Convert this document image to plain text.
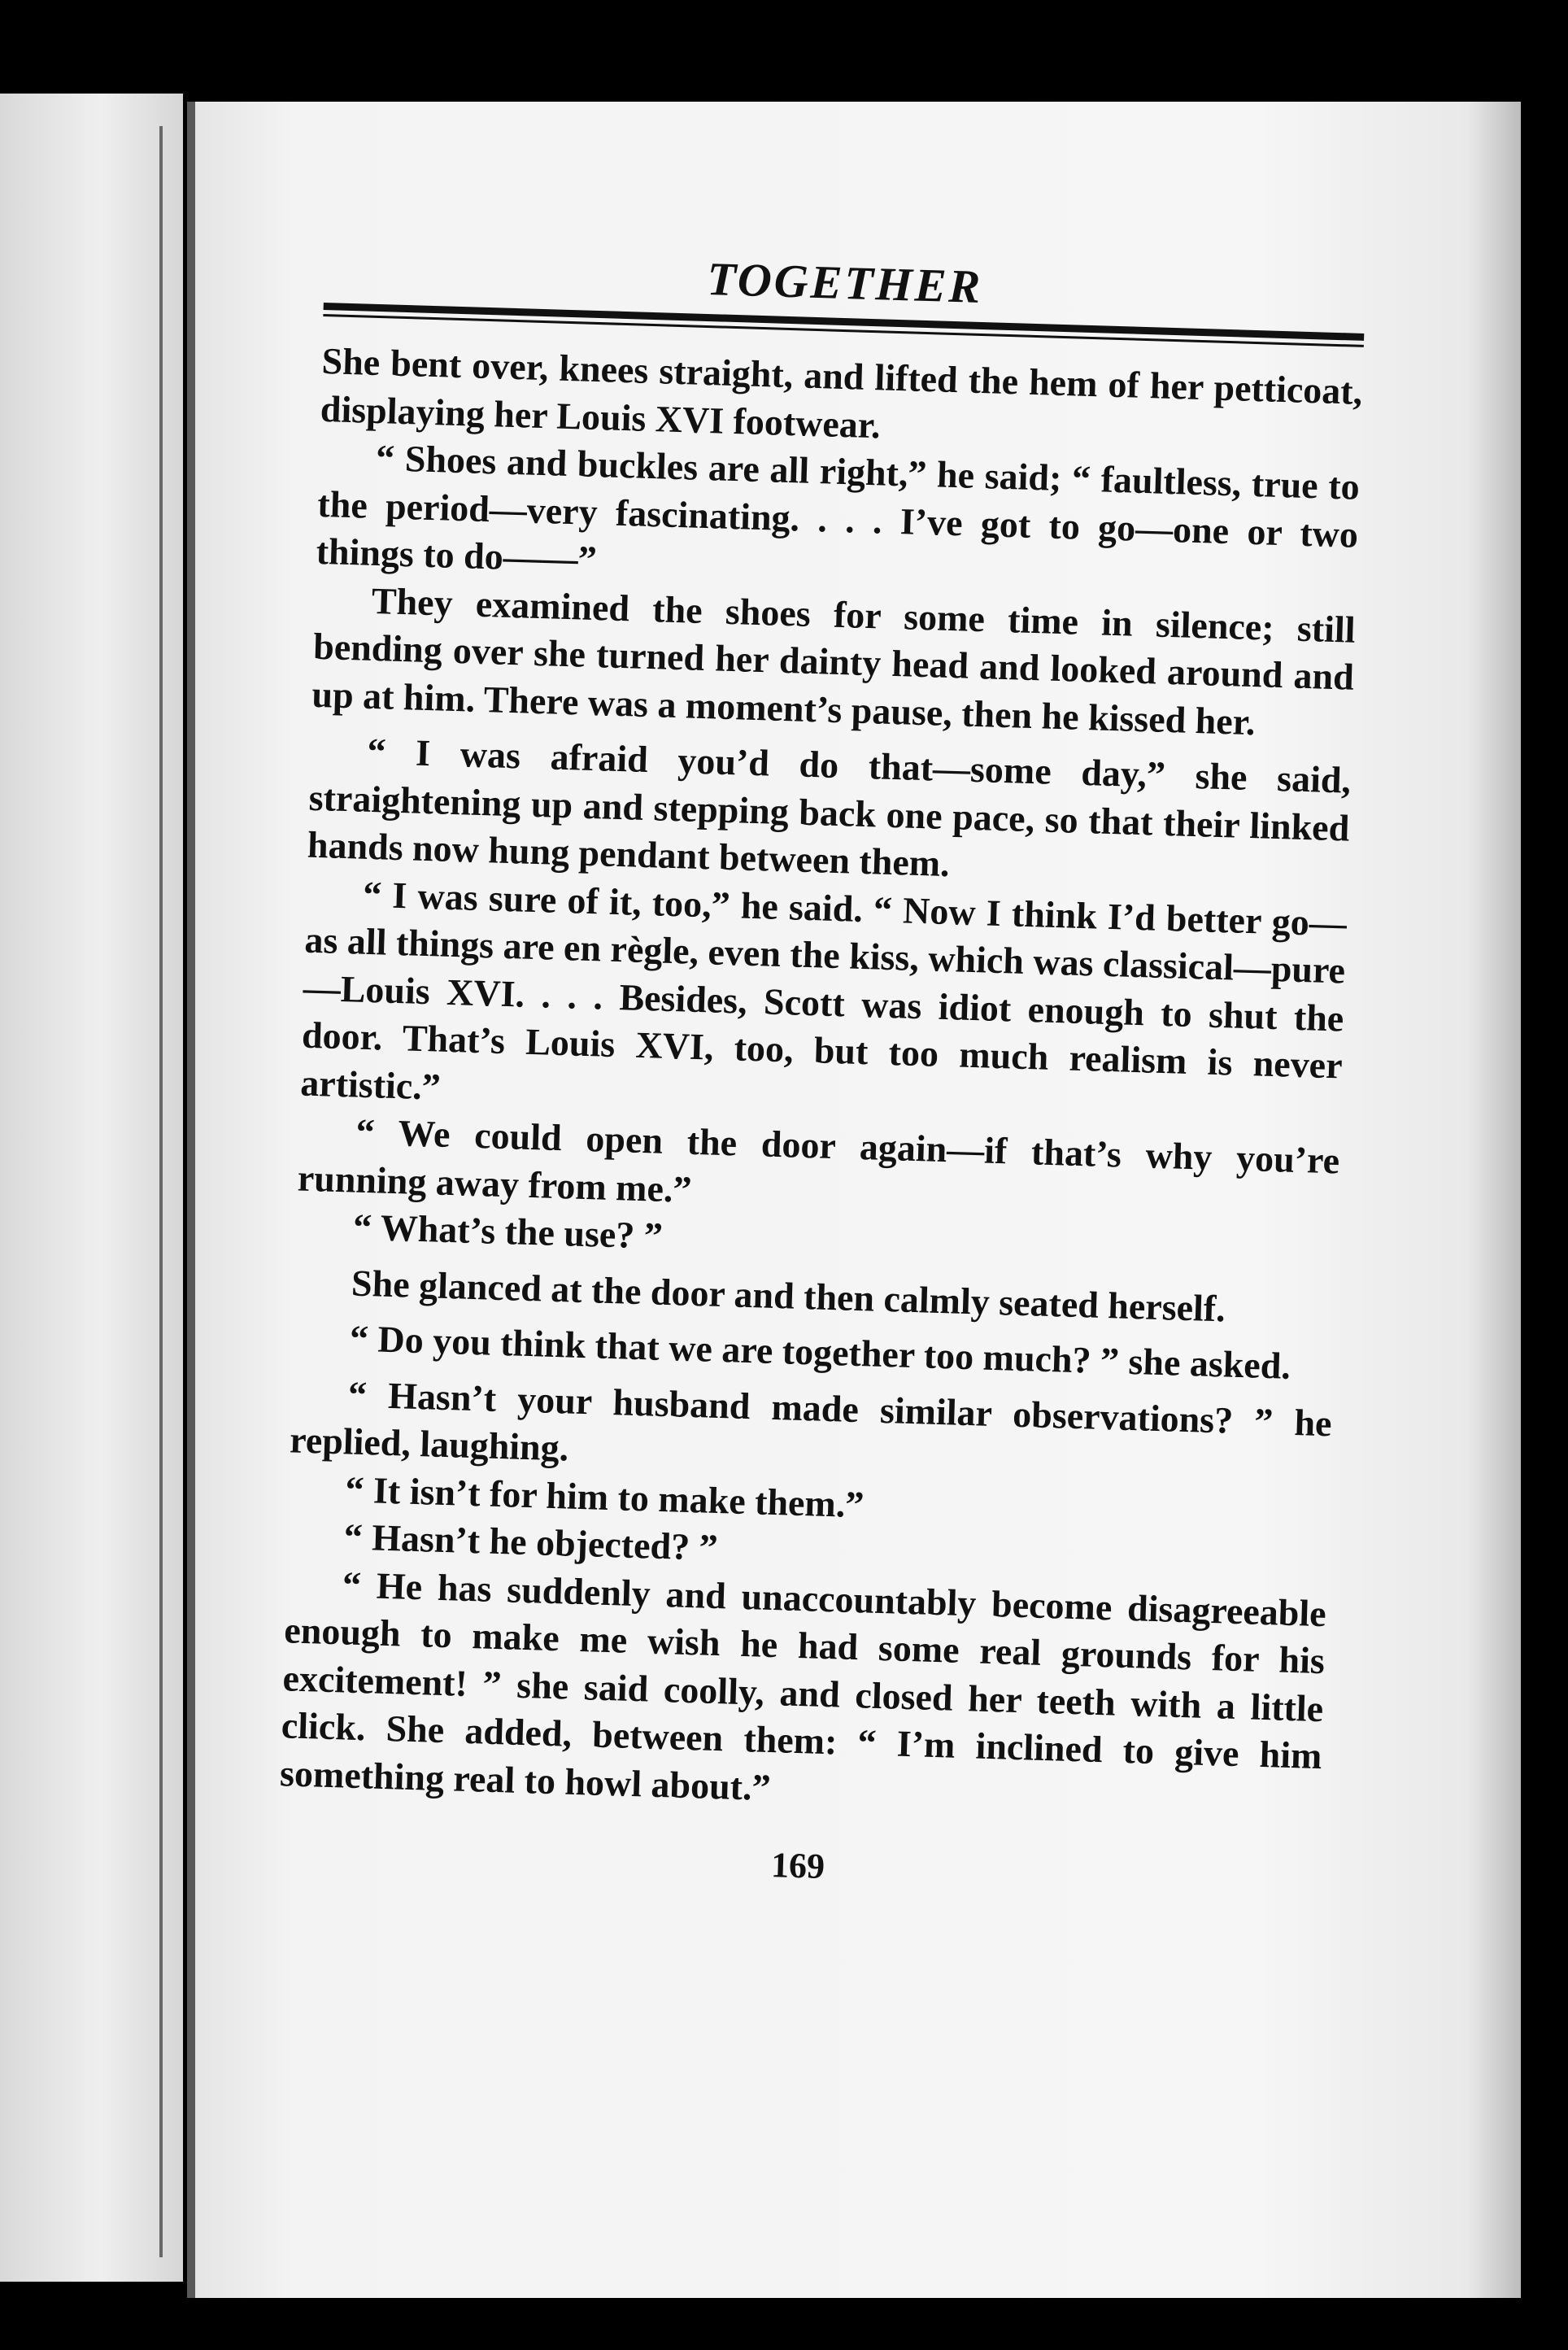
TOGETHER

She bent over, knees straight, and lifted the hem of her petticoat, displaying her Louis XVI footwear.

“ Shoes and buckles are all right,” he said; “ faultless, true to the period—very fascinating. . . . I’ve got to go—one or two things to do——”

They examined the shoes for some time in silence; still bending over she turned her dainty head and looked around and up at him. There was a moment’s pause, then he kissed her.

“ I was afraid you’d do that—some day,” she said, straightening up and stepping back one pace, so that their linked hands now hung pendant between them.

“ I was sure of it, too,” he said. “ Now I think I’d better go—as all things are en règle, even the kiss, which was classical—pure—Louis XVI. . . . Besides, Scott was idiot enough to shut the door. That’s Louis XVI, too, but too much realism is never artistic.”

“ We could open the door again—if that’s why you’re running away from me.”

“ What’s the use? ”

She glanced at the door and then calmly seated herself.

“ Do you think that we are together too much? ” she asked.

“ Hasn’t your husband made similar observations? ” he replied, laughing.

“ It isn’t for him to make them.”

“ Hasn’t he objected? ”

“ He has suddenly and unaccountably become disagreeable enough to make me wish he had some real grounds for his excitement! ” she said coolly, and closed her teeth with a little click. She added, between them: “ I’m inclined to give him something real to howl about.”

169
